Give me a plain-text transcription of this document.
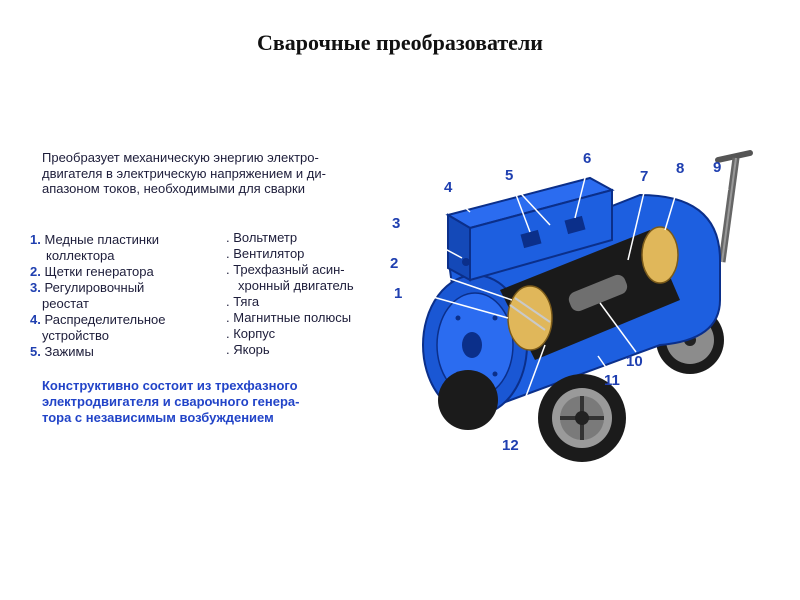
Сварочные преобразователи
Преобразует механическую энергию электро-
двигателя в электрическую напряжением и ди-
апазоном токов, необходимыми для сварки
1. Медные пластинки
коллектора
2. Щетки генератора
3. Регулировочный
реостат
4. Распределительное
устройство
5. Зажимы
. Вольтметр
. Вентилятор
. Трехфазный асин-
хронный двигатель
. Тяга
. Магнитные полюсы
. Корпус
. Якорь
Конструктивно состоит из трехфазного
электродвигателя и сварочного генера-
тора с независимым возбуждением
1
2
3
4
5
6
7 8 9
10
11
12
